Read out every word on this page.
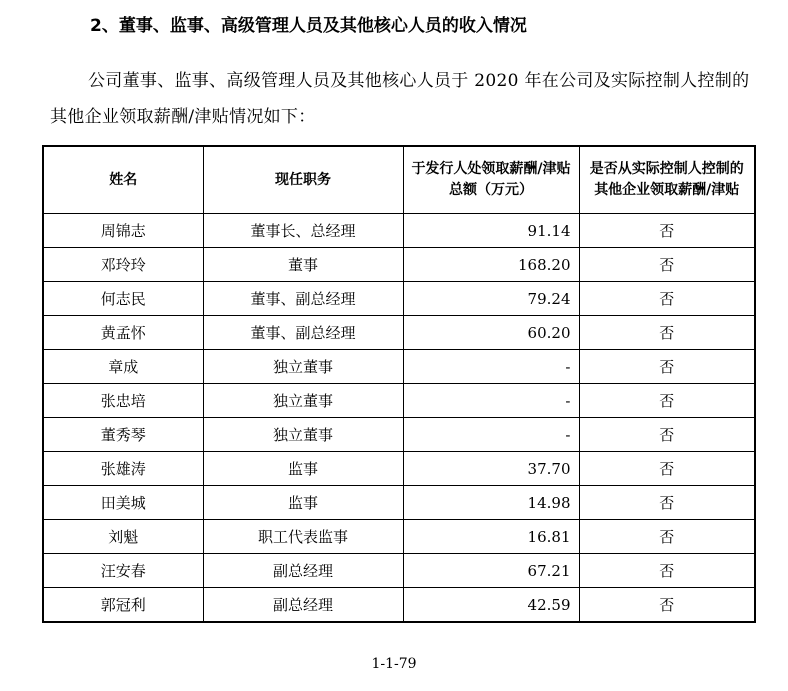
2、董事、监事、高级管理人员及其他核心人员的收入情况
公司董事、监事、高级管理人员及其他核心人员于 2020 年在公司及实际控制人控制的其他企业领取薪酬/津贴情况如下：
姓名	现任职务	于发行人处领取薪酬/津贴总额（万元）	是否从实际控制人控制的其他企业领取薪酬/津贴
周锦志	董事长、总经理	91.14	否
邓玲玲	董事	168.20	否
何志民	董事、副总经理	79.24	否
黄孟怀	董事、副总经理	60.20	否
章成	独立董事	-	否
张忠培	独立董事	-	否
董秀琴	独立董事	-	否
张雄涛	监事	37.70	否
田美城	监事	14.98	否
刘魁	职工代表监事	16.81	否
汪安春	副总经理	67.21	否
郭冠利	副总经理	42.59	否
1-1-79
